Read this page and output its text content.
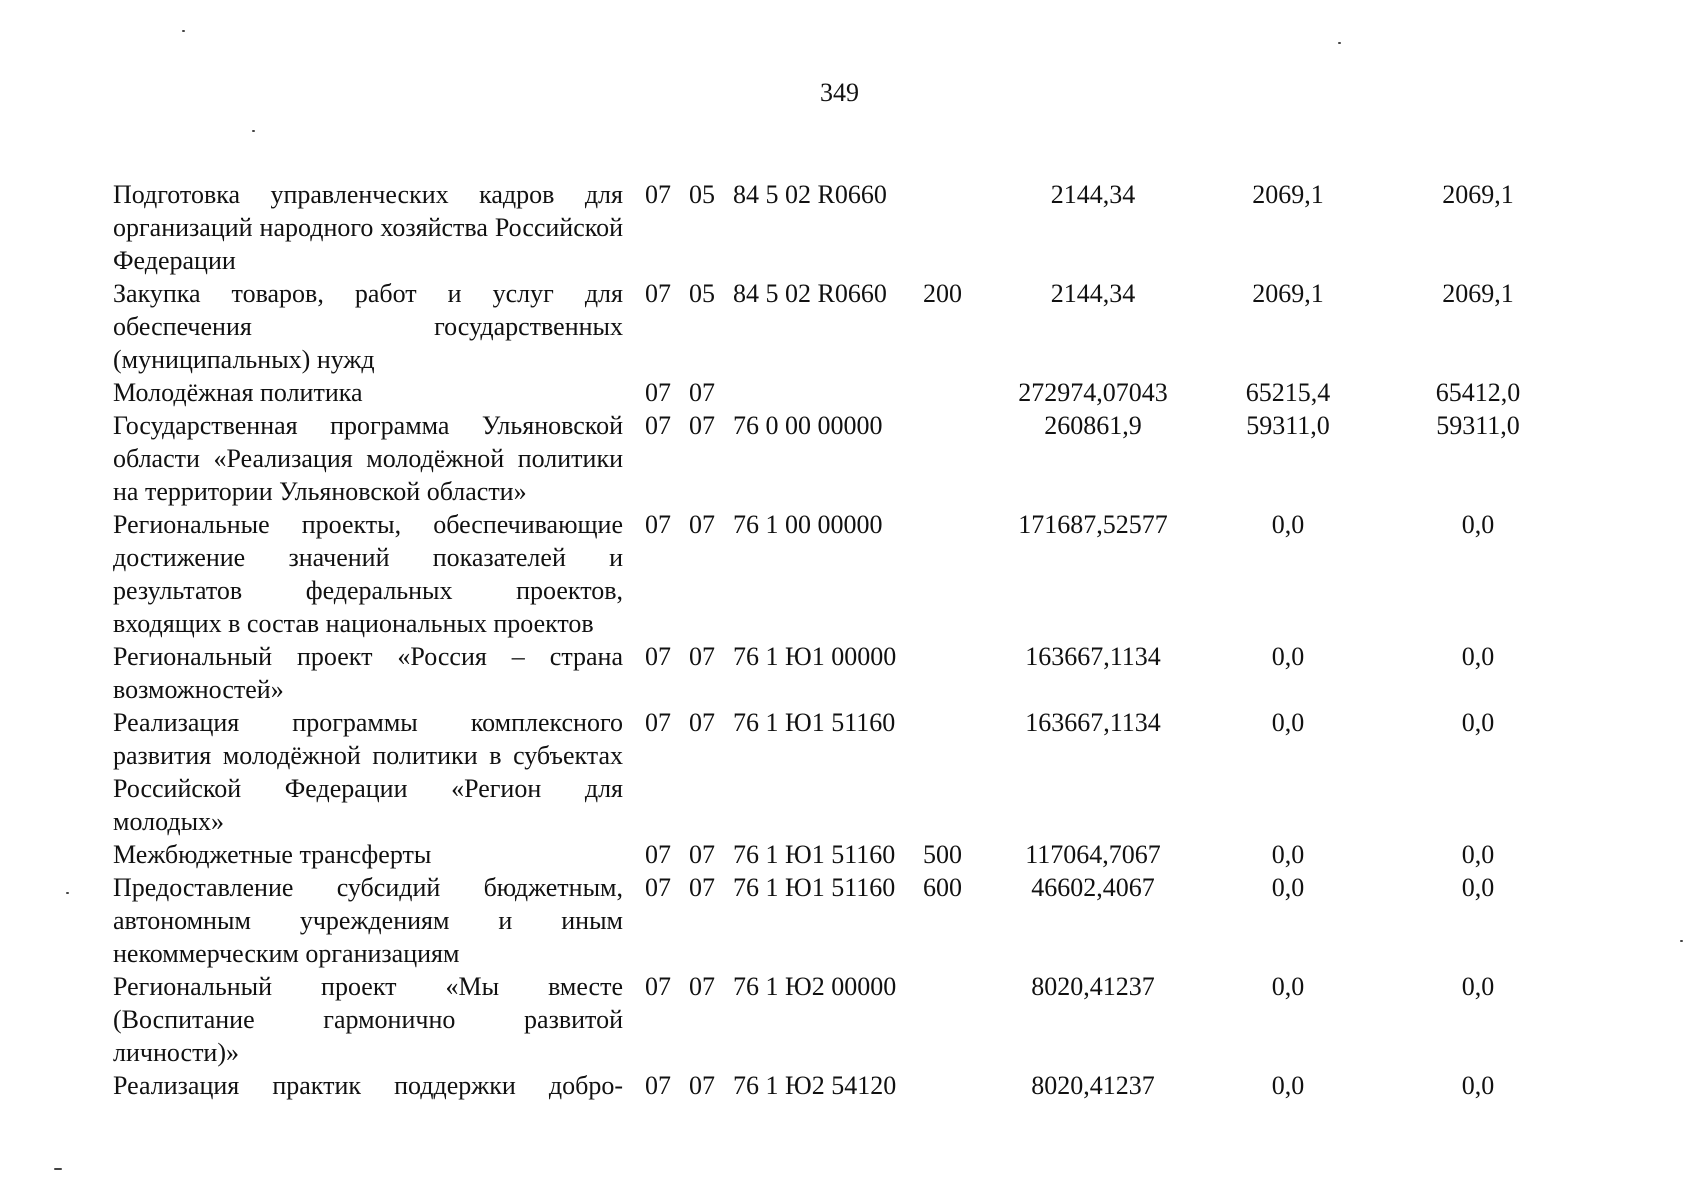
349
Подготовка управленческих кадров для организаций народного хозяйства Российской Федерации	07	05	84 5 02 R0660		2144,34	2069,1	2069,1
Закупка товаров, работ и услуг для обеспечения государственных (муниципальных) нужд	07	05	84 5 02 R0660	200	2144,34	2069,1	2069,1
Молодёжная политика	07	07			272974,07043	65215,4	65412,0
Государственная программа Ульяновской области «Реализация молодёжной политики на территории Ульяновской области»	07	07	76 0 00 00000		260861,9	59311,0	59311,0
Региональные проекты, обеспечивающие достижение значений показателей и результатов федеральных проектов, входящих в состав национальных проектов	07	07	76 1 00 00000		171687,52577	0,0	0,0
Региональный проект «Россия – страна возможностей»	07	07	76 1 Ю1 00000		163667,1134	0,0	0,0
Реализация программы комплексного развития молодёжной политики в субъектах Российской Федерации «Регион для молодых»	07	07	76 1 Ю1 51160		163667,1134	0,0	0,0
Межбюджетные трансферты	07	07	76 1 Ю1 51160	500	117064,7067	0,0	0,0
Предоставление субсидий бюджетным, автономным учреждениям и иным некоммерческим организациям	07	07	76 1 Ю1 51160	600	46602,4067	0,0	0,0
Региональный проект «Мы вместе (Воспитание гармонично развитой личности)»	07	07	76 1 Ю2 00000		8020,41237	0,0	0,0
Реализация практик поддержки добро-	07	07	76 1 Ю2 54120		8020,41237	0,0	0,0
